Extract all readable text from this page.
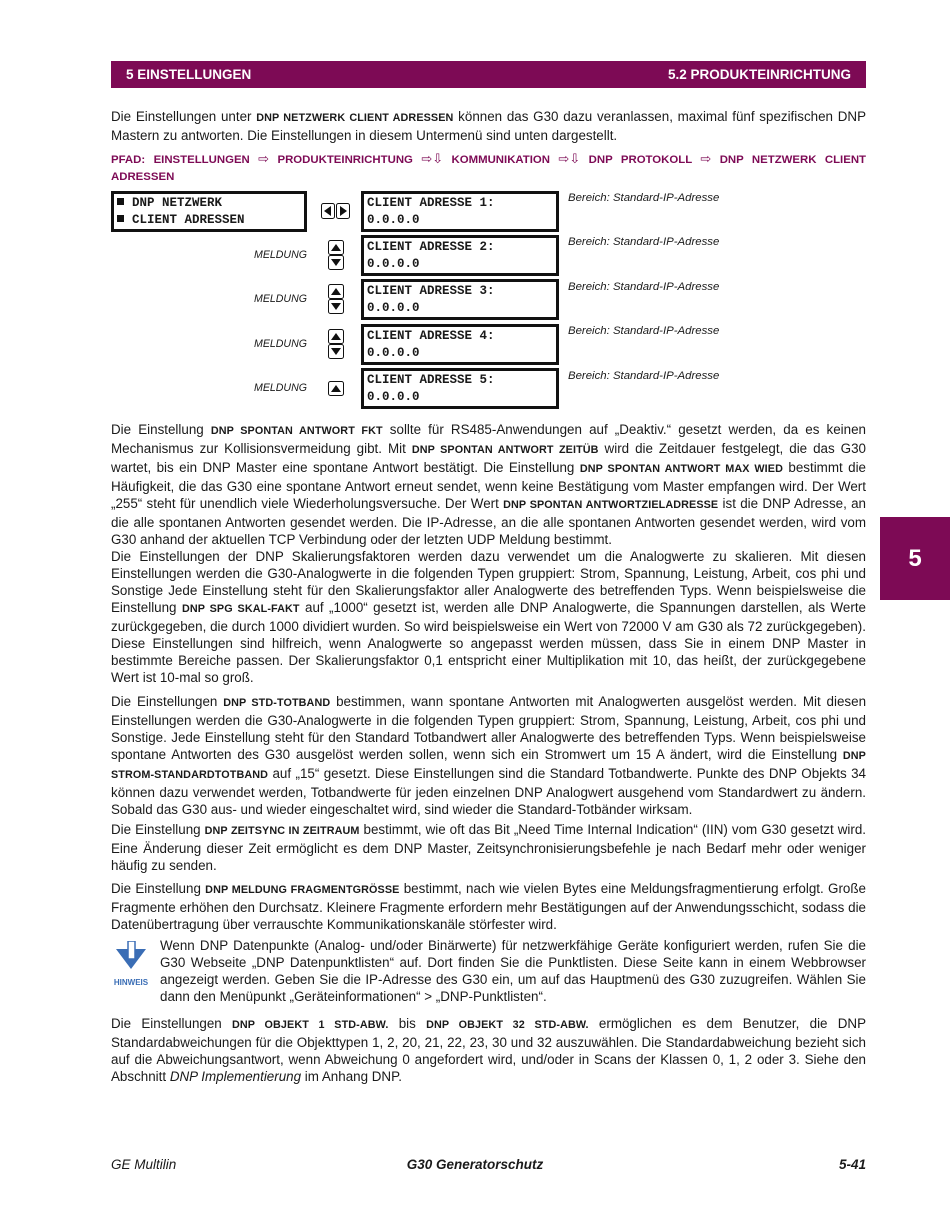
5 EINSTELLUNGEN	5.2 PRODUKTEINRICHTUNG
5

Die Einstellungen unter DNP NETZWERK CLIENT ADRESSEN können das G30 dazu veranlassen, maximal fünf spezifischen DNP Mastern zu antworten. Die Einstellungen in diesem Untermenü sind unten dargestellt.

PFAD: EINSTELLUNGEN ⇨ PRODUKTEINRICHTUNG ⇨⇩ KOMMUNIKATION ⇨⇩ DNP PROTOKOLL ⇨ DNP NETZWERK CLIENT ADRESSEN

DNP NETZWERK
CLIENT ADRESSEN
CLIENT ADRESSE 1:
0.0.0.0
Bereich: Standard-IP-Adresse
MELDUNG
CLIENT ADRESSE 2:
0.0.0.0
Bereich: Standard-IP-Adresse
MELDUNG
CLIENT ADRESSE 3:
0.0.0.0
Bereich: Standard-IP-Adresse
MELDUNG
CLIENT ADRESSE 4:
0.0.0.0
Bereich: Standard-IP-Adresse
MELDUNG
CLIENT ADRESSE 5:
0.0.0.0
Bereich: Standard-IP-Adresse

Die Einstellung DNP SPONTAN ANTWORT FKT sollte für RS485-Anwendungen auf „Deaktiv.“ gesetzt werden, da es keinen Mechanismus zur Kollisionsvermeidung gibt. Mit DNP SPONTAN ANTWORT ZEITÜB wird die Zeitdauer festgelegt, die das G30 wartet, bis ein DNP Master eine spontane Antwort bestätigt. Die Einstellung DNP SPONTAN ANTWORT MAX WIED bestimmt die Häufigkeit, die das G30 eine spontane Antwort erneut sendet, wenn keine Bestätigung vom Master empfangen wird. Der Wert „255“ steht für unendlich viele Wiederholungsversuche. Der Wert DNP SPONTAN ANTWORTZIELADRESSE ist die DNP Adresse, an die alle spontanen Antworten gesendet werden. Die IP-Adresse, an die alle spontanen Antworten gesendet werden, wird vom G30 anhand der aktuellen TCP Verbindung oder der letzten UDP Meldung bestimmt.

Die Einstellungen der DNP Skalierungsfaktoren werden dazu verwendet um die Analogwerte zu skalieren. Mit diesen Einstellungen werden die G30-Analogwerte in die folgenden Typen gruppiert: Strom, Spannung, Leistung, Arbeit, cos phi und Sonstige Jede Einstellung steht für den Skalierungsfaktor aller Analogwerte des betreffenden Typs. Wenn beispielsweise die Einstellung DNP SPG SKAL-FAKT auf „1000“ gesetzt ist, werden alle DNP Analogwerte, die Spannungen darstellen, als Werte zurückgegeben, die durch 1000 dividiert wurden. So wird beispielsweise ein Wert von 72000 V am G30 als 72 zurückgegeben). Diese Einstellungen sind hilfreich, wenn Analogwerte so angepasst werden müssen, dass Sie in einem DNP Master in bestimmte Bereiche passen. Der Skalierungsfaktor 0,1 entspricht einer Multiplikation mit 10, das heißt, der zurückgegebene Wert ist 10-mal so groß.

Die Einstellungen DNP STD-TOTBAND bestimmen, wann spontane Antworten mit Analogwerten ausgelöst werden. Mit diesen Einstellungen werden die G30-Analogwerte in die folgenden Typen gruppiert: Strom, Spannung, Leistung, Arbeit, cos phi und Sonstige. Jede Einstellung steht für den Standard Totbandwert aller Analogwerte des betreffenden Typs. Wenn beispielsweise spontane Antworten des G30 ausgelöst werden sollen, wenn sich ein Stromwert um 15 A ändert, wird die Einstellung DNP STROM-STANDARDTOTBAND auf „15“ gesetzt. Diese Einstellungen sind die Standard Totbandwerte. Punkte des DNP Objekts 34 können dazu verwendet werden, Totbandwerte für jeden einzelnen DNP Analogwert ausgehend vom Standardwert zu ändern. Sobald das G30 aus- und wieder eingeschaltet wird, sind wieder die Standard-Totbänder wirksam.

Die Einstellung DNP ZEITSYNC IN ZEITRAUM bestimmt, wie oft das Bit „Need Time Internal Indication“ (IIN) vom G30 gesetzt wird. Eine Änderung dieser Zeit ermöglicht es dem DNP Master, Zeitsynchronisierungsbefehle je nach Bedarf mehr oder weniger häufig zu senden.

Die Einstellung DNP MELDUNG FRAGMENTGRÖSSE bestimmt, nach wie vielen Bytes eine Meldungsfragmentierung erfolgt. Große Fragmente erhöhen den Durchsatz. Kleinere Fragmente erfordern mehr Bestätigungen auf der Anwendungsschicht, sodass die Datenübertragung über verrauschte Kommunikationskanäle störfester wird.

HINWEIS

Wenn DNP Datenpunkte (Analog- und/oder Binärwerte) für netzwerkfähige Geräte konfiguriert werden, rufen Sie die G30 Webseite „DNP Datenpunktlisten“ auf. Dort finden Sie die Punktlisten. Diese Seite kann in einem Webbrowser angezeigt werden. Geben Sie die IP-Adresse des G30 ein, um auf das Hauptmenü des G30 zuzugreifen. Wählen Sie dann den Menüpunkt „Geräteinformationen“ > „DNP-Punktlisten“.

Die Einstellungen DNP OBJEKT 1 STD-ABW. bis DNP OBJEKT 32 STD-ABW. ermöglichen es dem Benutzer, die DNP Standardabweichungen für die Objekttypen 1, 2, 20, 21, 22, 23, 30 und 32 auszuwählen. Die Standardabweichung bezieht sich auf die Abweichungsantwort, wenn Abweichung 0 angefordert wird, und/oder in Scans der Klassen 0, 1, 2 oder 3. Siehe den Abschnitt DNP Implementierung im Anhang DNP.

GE Multilin	G30 Generatorschutz	5-41
